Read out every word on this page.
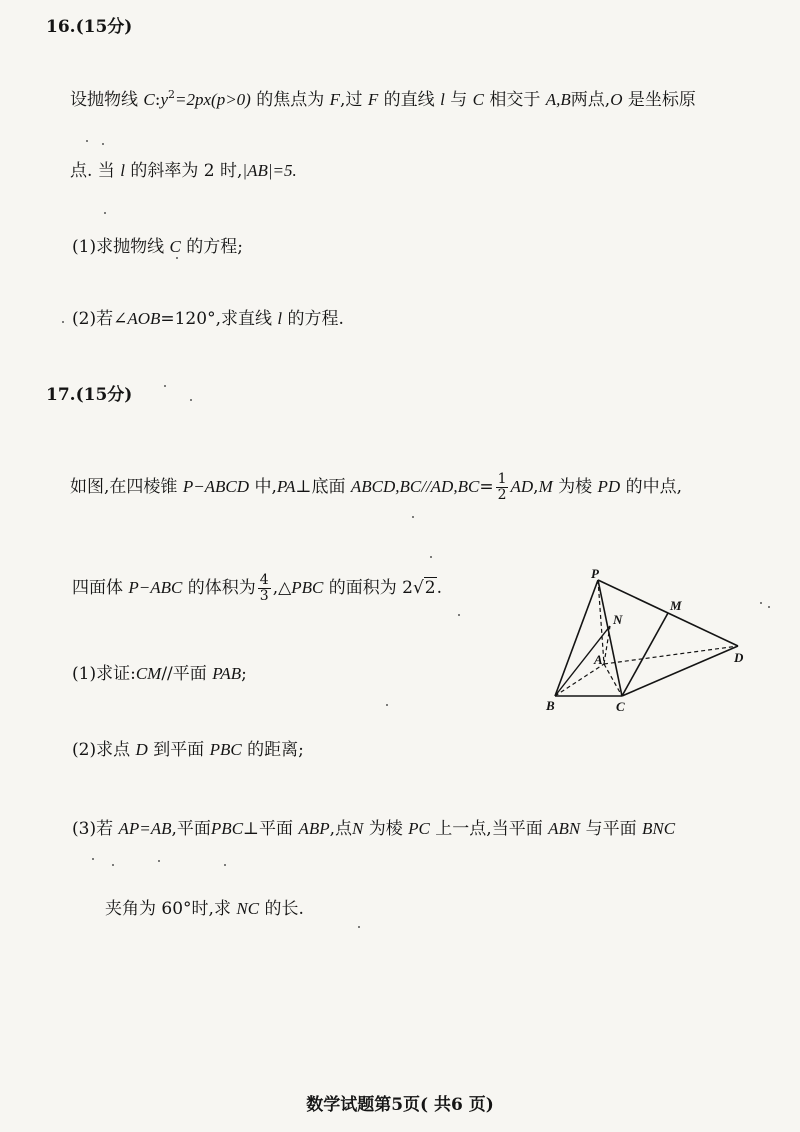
16.(15分)
设抛物线 $C:y^2=2px(p>0)$ 的焦点为 F,过 F 的直线 l 与 C 相交于 A,B两点,O 是坐标原
点. 当 l 的斜率为 2 时,|AB|=5.
(1)求抛物线 C 的方程;
(2)若∠AOB=120°,求直线 l 的方程.
17.(15分)
如图,在四棱锥 P−ABCD 中,PA⊥底面 ABCD,BC//AD,BC= $\frac{1}{2} AD,M$ 为棱 PD 的中点,
四面体 P−ABC 的体积为 $\frac{4}{3}$ ,△PBC 的面积为 2√2.
(1)求证:CM//平面 PAB;
(2)求点 D 到平面 PBC 的距离;
(3)若 AP=AB,平面PBC⊥平面 ABP,点N 为棱 PC 上一点,当平面 ABN 与平面 BNC
夹角为 60°时,求 NC 的长.
P
M
N
A	D
B	C
数学试题第5页( 共6 页)
